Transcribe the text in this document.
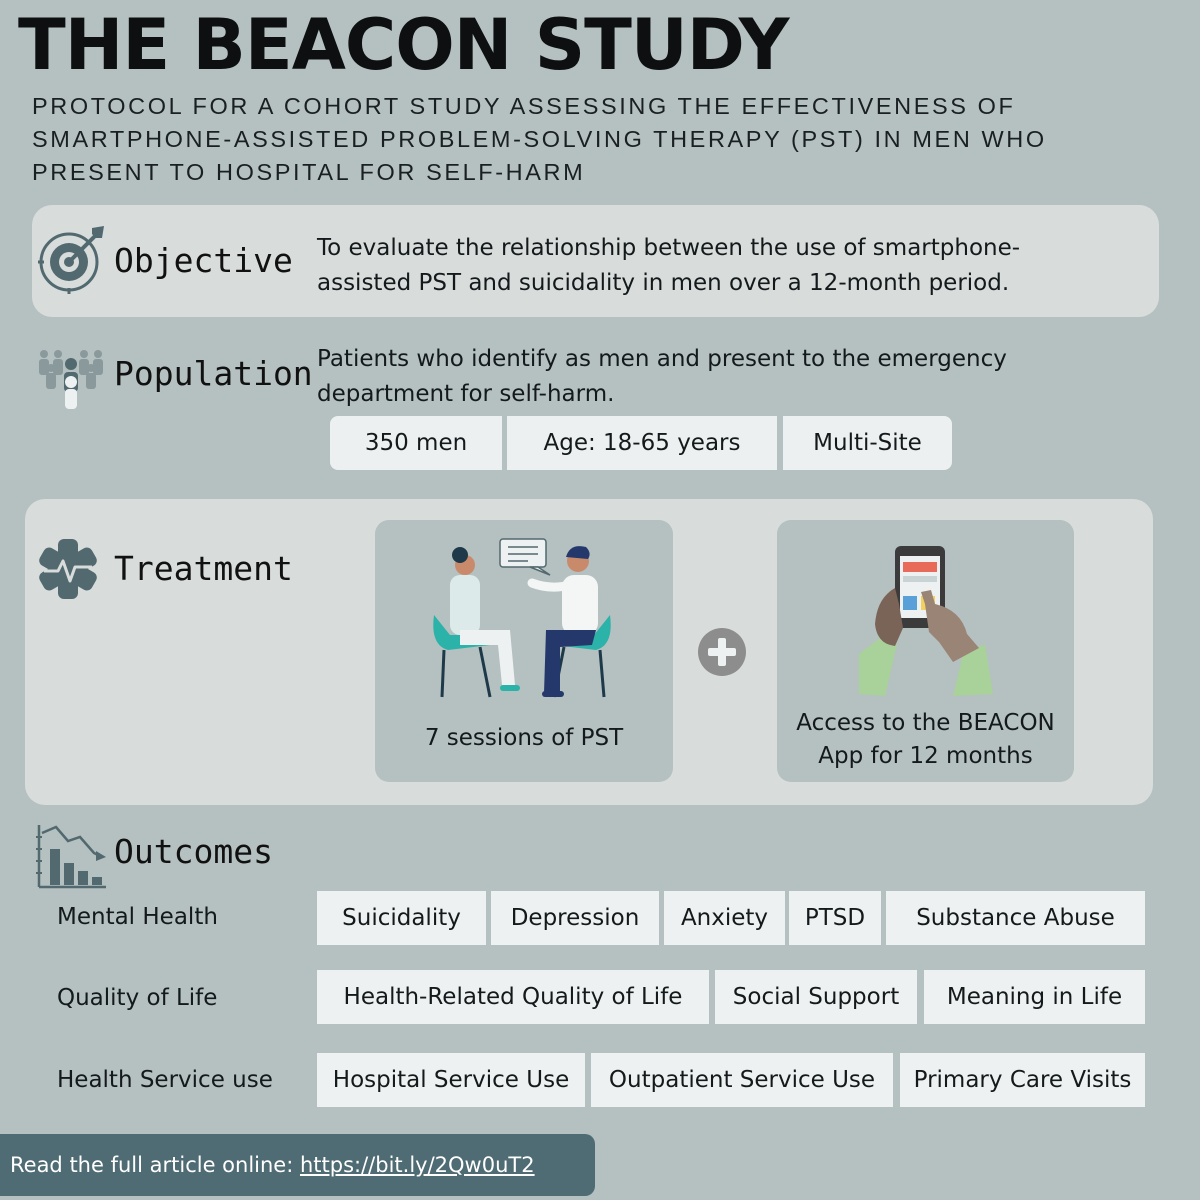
THE BEACON STUDY

PROTOCOL FOR A COHORT STUDY ASSESSING THE EFFECTIVENESS OF SMARTPHONE-ASSISTED PROBLEM-SOLVING THERAPY (PST) IN MEN WHO PRESENT TO HOSPITAL FOR SELF-HARM

Objective To evaluate the relationship between the use of smartphone-assisted PST and suicidality in men over a 12-month period.
Population Patients who identify as men and present to the emergency department for self-harm.
350 men	Age: 18-65 years	Multi-Site
Treatment
7 sessions of PST
Access to the BEACON App for 12 months
Outcomes
Mental Health	Suicidality	Depression	Anxiety	PTSD	Substance Abuse
Quality of Life	Health-Related Quality of Life	Social Support	Meaning in Life
Health Service use	Hospital Service Use	Outpatient Service Use	Primary Care Visits
Read the full article online: https://bit.ly/2Qw0uT2
